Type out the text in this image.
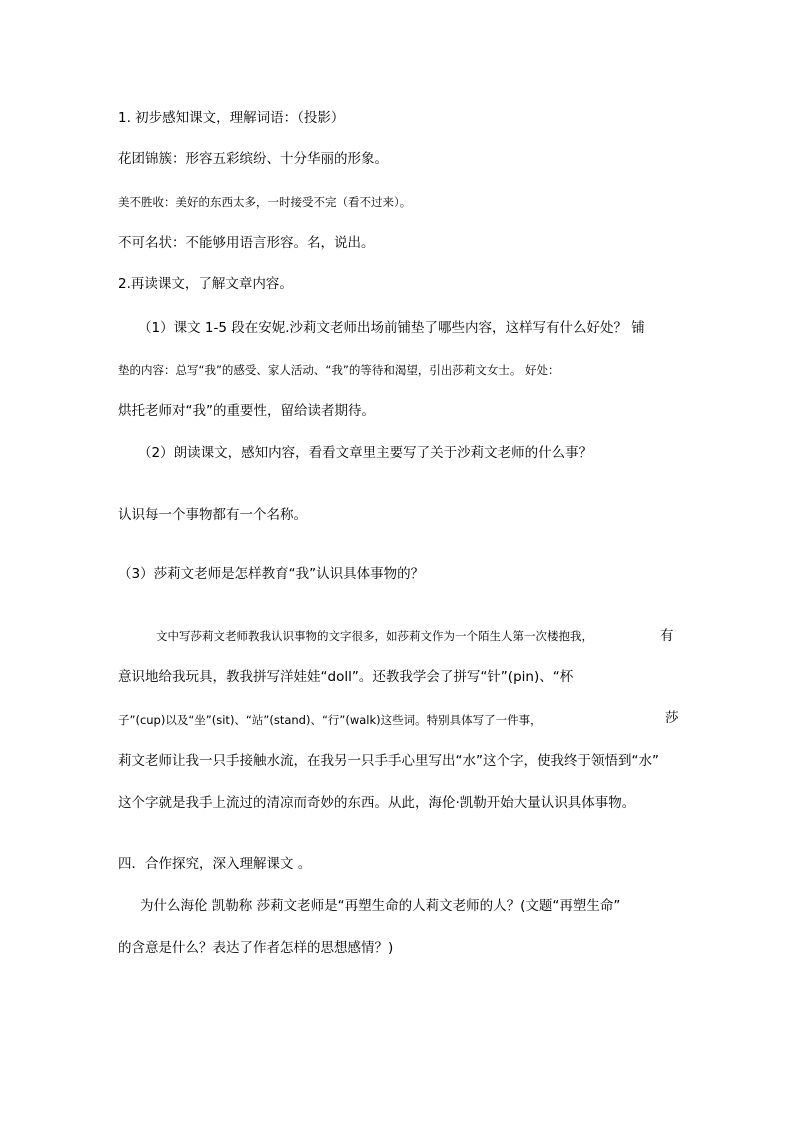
1. 初步感知课文，理解词语：（投影）
花团锦簇：形容五彩缤纷、十分华丽的形象。
美不胜收：美好的东西太多，一时接受不完（看不过来）。
不可名状：不能够用语言形容。名，说出。
2.再读课文，了解文章内容。
（1）课文 1-5 段在安妮.沙莉文老师出场前铺垫了哪些内容，这样写有什么好处？ 铺
垫的内容：总写“我”的感受、家人活动、“我”的等待和渴望，引出莎莉文女士。 好处：
烘托老师对“我”的重要性，留给读者期待。
（2）朗读课文，感知内容，看看文章里主要写了关于沙莉文老师的什么事？
认识每一个事物都有一个名称。
（3）莎莉文老师是怎样教育“我”认识具体事物的？
文中写莎莉文老师教我认识事物的文字很多，如莎莉文作为一个陌生人第一次楼抱我，	有
意识地给我玩具，教我拼写洋娃娃“doll”。还教我学会了拼写“针”(pin)、“杯
子”(cup)以及“坐”(sit)、“站”(stand)、“行”(walk)这些词。特别具体写了一件事，	莎
莉文老师让我一只手接触水流，在我另一只手手心里写出“水”这个字，使我终于领悟到“水”
这个字就是我手上流过的清凉而奇妙的东西。从此，海伦·凯勒开始大量认识具体事物。
四．合作探究，深入理解课文 。
为什么海伦 凯勒称 莎莉文老师是“再塑生命的人莉文老师的人？(文题“再塑生命”
的含意是什么？表达了作者怎样的思想感情？)
